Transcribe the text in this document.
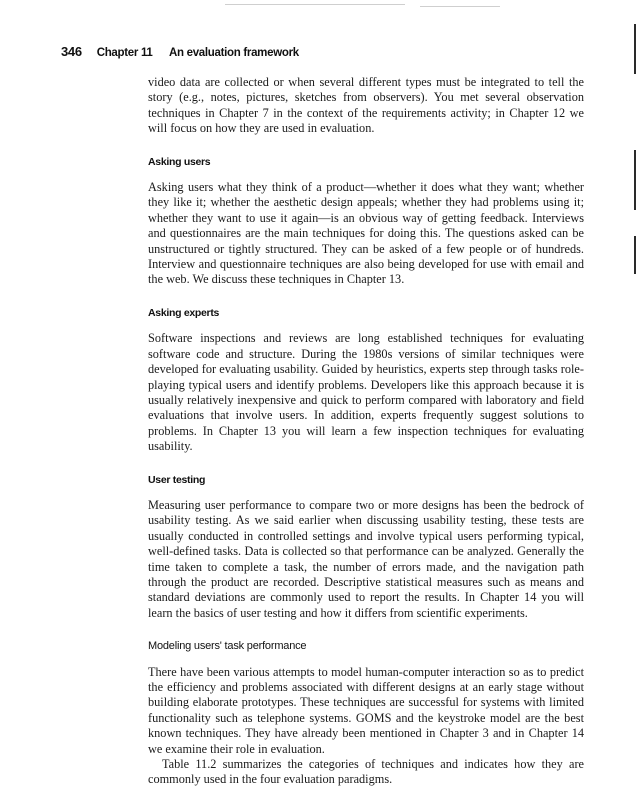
346 Chapter 11 An evaluation framework

video data are collected or when several different types must be integrated to tell the story (e.g., notes, pictures, sketches from observers). You met several observation techniques in Chapter 7 in the context of the requirements activity; in Chapter 12 we will focus on how they are used in evaluation.

Asking users

Asking users what they think of a product—whether it does what they want; whether they like it; whether the aesthetic design appeals; whether they had problems using it; whether they want to use it again—is an obvious way of getting feedback. Interviews and questionnaires are the main techniques for doing this. The questions asked can be unstructured or tightly structured. They can be asked of a few people or of hundreds. Interview and questionnaire techniques are also being developed for use with email and the web. We discuss these techniques in Chapter 13.

Asking experts

Software inspections and reviews are long established techniques for evaluating software code and structure. During the 1980s versions of similar techniques were developed for evaluating usability. Guided by heuristics, experts step through tasks role-playing typical users and identify problems. Developers like this approach because it is usually relatively inexpensive and quick to perform compared with laboratory and field evaluations that involve users. In addition, experts frequently suggest solutions to problems. In Chapter 13 you will learn a few inspection techniques for evaluating usability.

User testing

Measuring user performance to compare two or more designs has been the bedrock of usability testing. As we said earlier when discussing usability testing, these tests are usually conducted in controlled settings and involve typical users performing typical, well-defined tasks. Data is collected so that performance can be analyzed. Generally the time taken to complete a task, the number of errors made, and the navigation path through the product are recorded. Descriptive statistical measures such as means and standard deviations are commonly used to report the results. In Chapter 14 you will learn the basics of user testing and how it differs from scientific experiments.

Modeling users' task performance

There have been various attempts to model human-computer interaction so as to predict the efficiency and problems associated with different designs at an early stage without building elaborate prototypes. These techniques are successful for systems with limited functionality such as telephone systems. GOMS and the keystroke model are the best known techniques. They have already been mentioned in Chapter 3 and in Chapter 14 we examine their role in evaluation.

Table 11.2 summarizes the categories of techniques and indicates how they are commonly used in the four evaluation paradigms.
